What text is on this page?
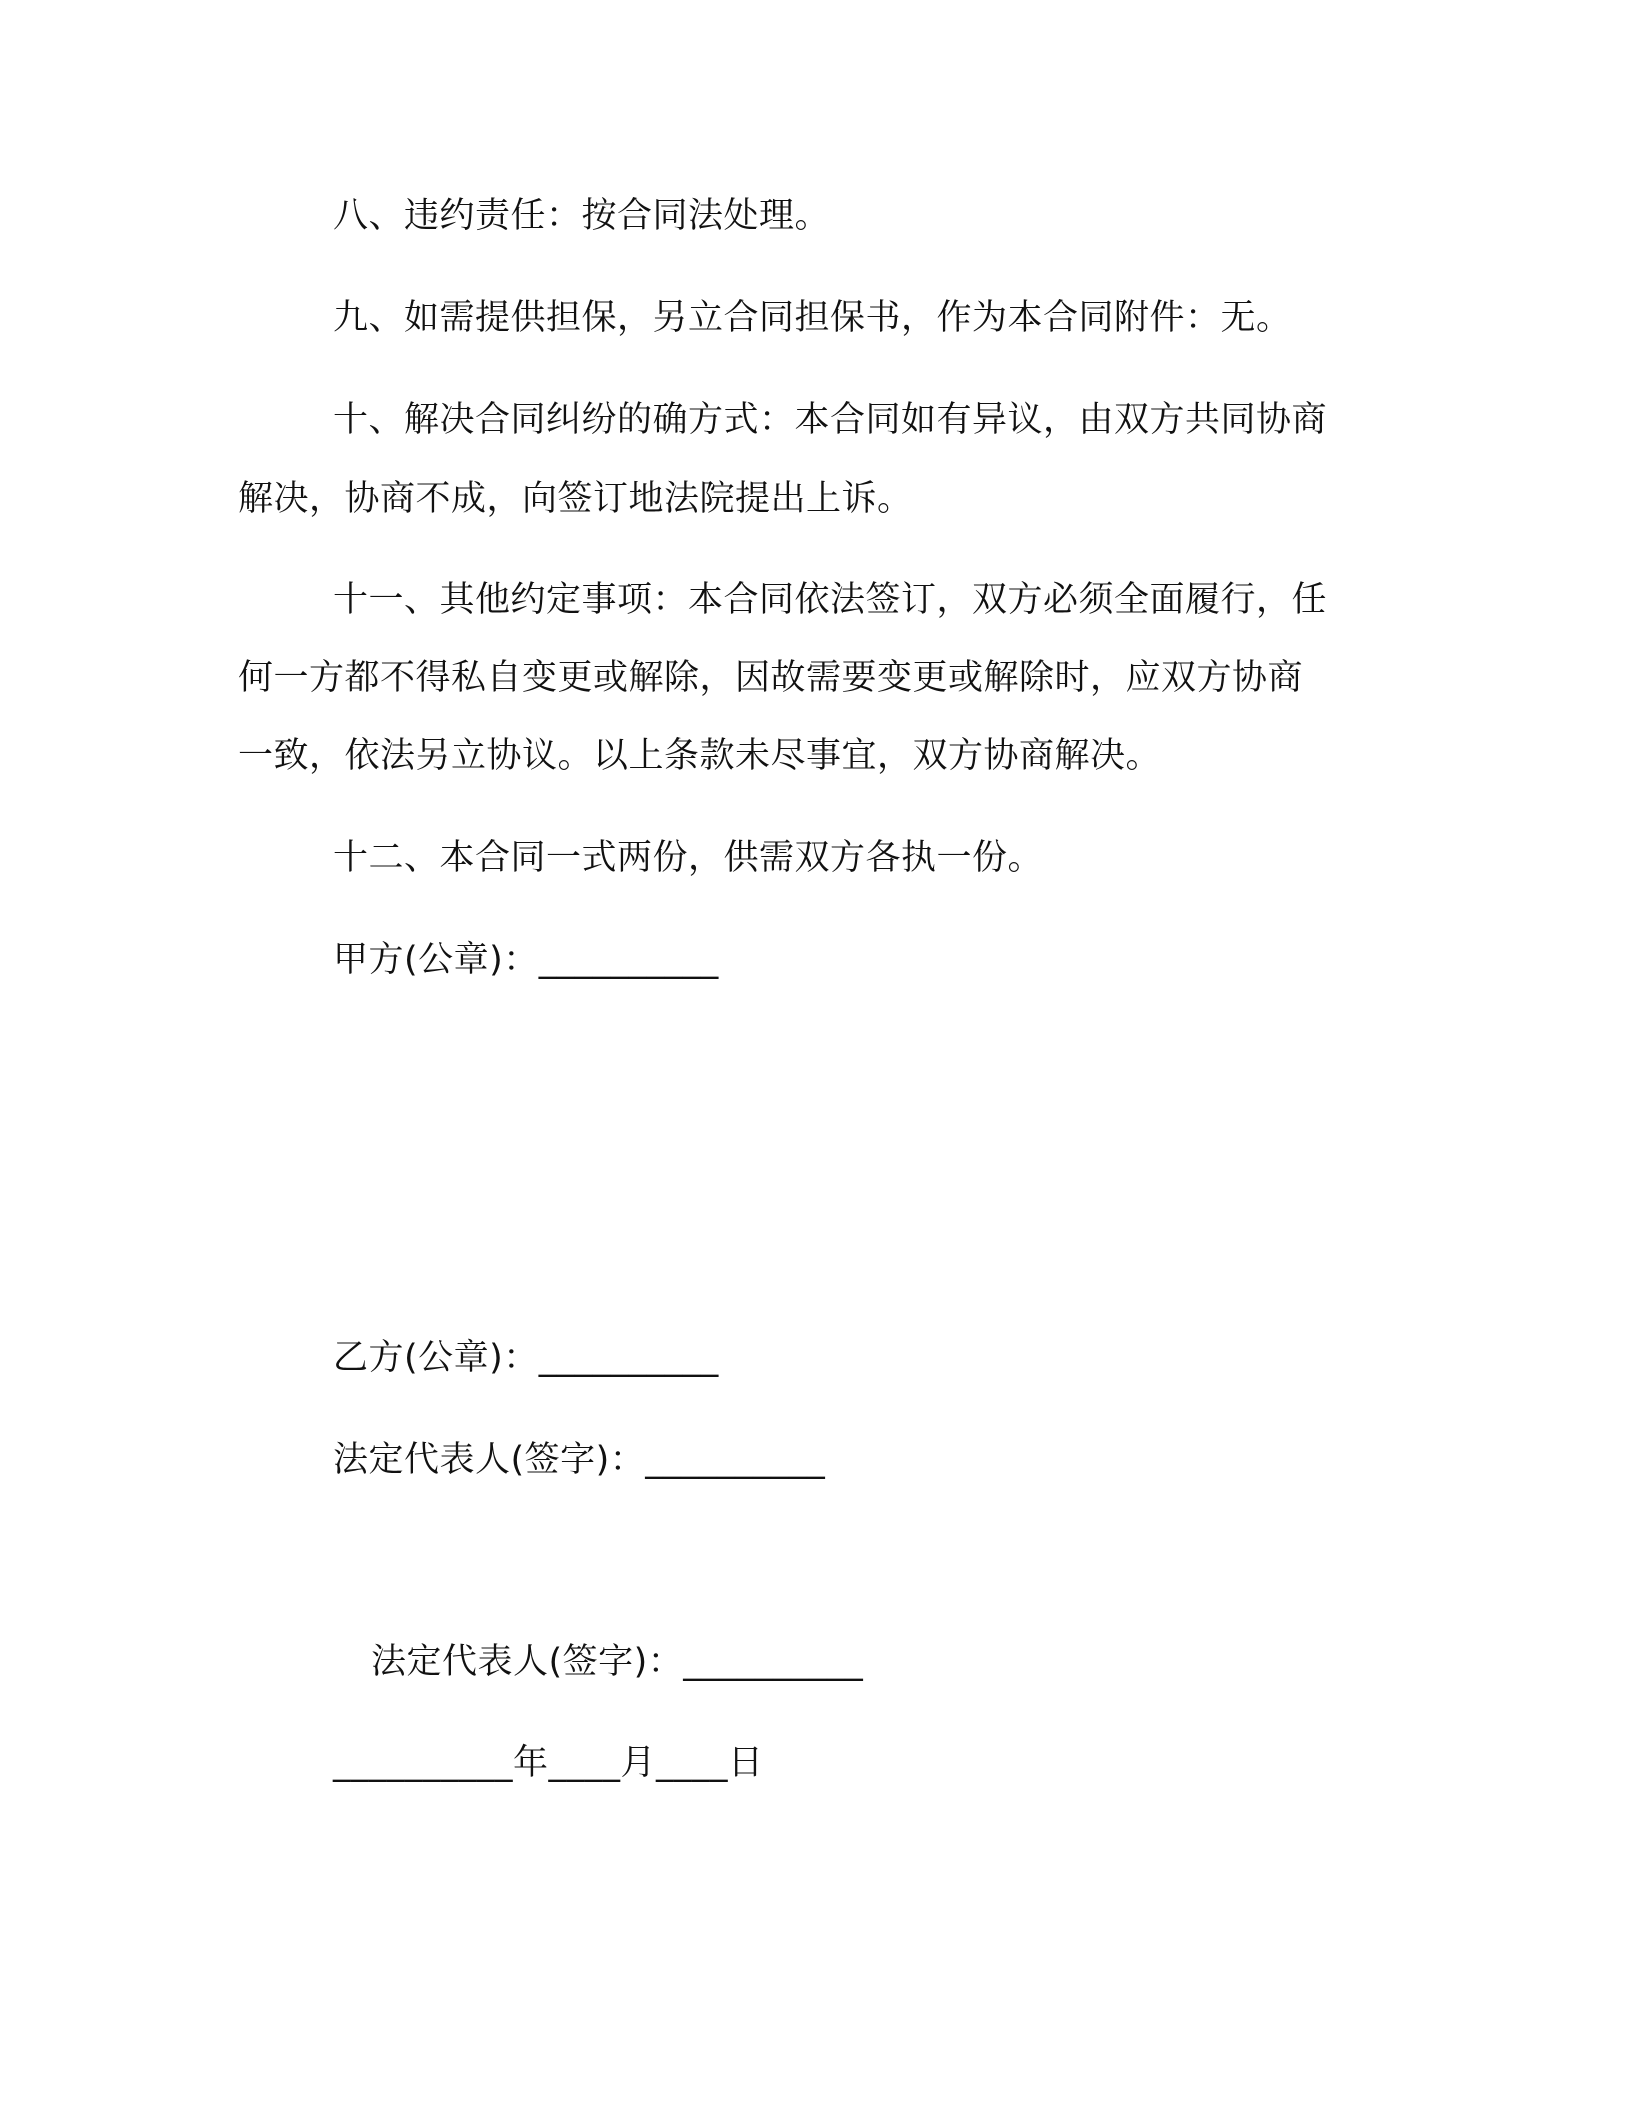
八、违约责任：按合同法处理。
九、如需提供担保，另立合同担保书，作为本合同附件：无。
十、解决合同纠纷的确方式：本合同如有异议，由双方共同协商
解决，协商不成，向签订地法院提出上诉。
十一、其他约定事项：本合同依法签订，双方必须全面履行，任
何一方都不得私自变更或解除，因故需要变更或解除时，应双方协商
一致，依法另立协议。以上条款未尽事宜，双方协商解决。
十二、本合同一式两份，供需双方各执一份。
甲方(公章)：__________
乙方(公章)：__________
法定代表人(签字)：__________
法定代表人(签字)：__________
__________年____月____日
